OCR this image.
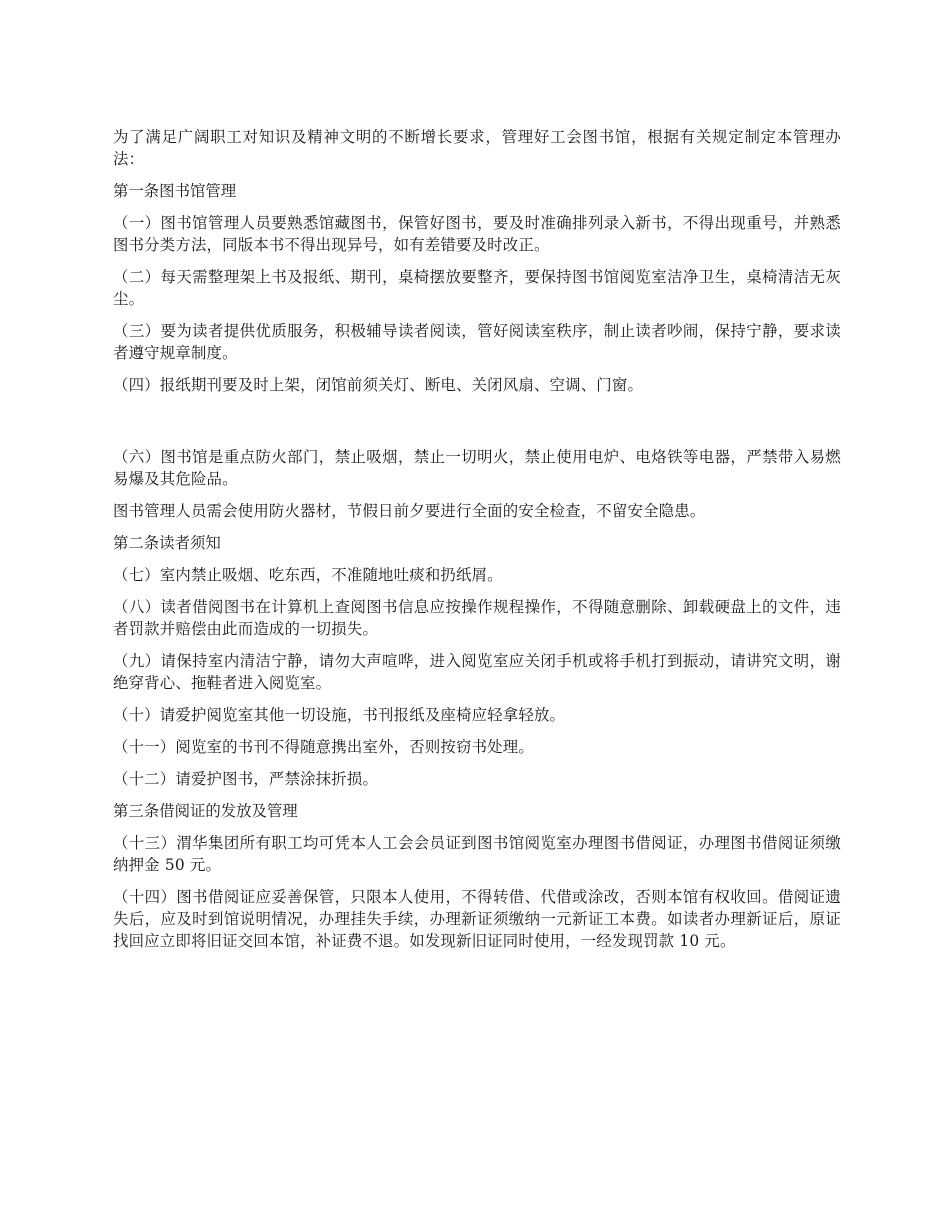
为了满足广阔职工对知识及精神文明的不断增长要求，管理好工会图书馆，根据有关规定制定本管理办法：

第一条图书馆管理

（一）图书馆管理人员要熟悉馆藏图书，保管好图书，要及时准确排列录入新书，不得出现重号，并熟悉图书分类方法，同版本书不得出现异号，如有差错要及时改正。

（二）每天需整理架上书及报纸、期刊，桌椅摆放要整齐，要保持图书馆阅览室洁净卫生，桌椅清洁无灰尘。

（三）要为读者提供优质服务，积极辅导读者阅读，管好阅读室秩序，制止读者吵闹，保持宁静，要求读者遵守规章制度。

（四）报纸期刊要及时上架，闭馆前须关灯、断电、关闭风扇、空调、门窗。

（六）图书馆是重点防火部门，禁止吸烟，禁止一切明火，禁止使用电炉、电烙铁等电器，严禁带入易燃易爆及其危险品。

图书管理人员需会使用防火器材，节假日前夕要进行全面的安全检查，不留安全隐患。

第二条读者须知

（七）室内禁止吸烟、吃东西，不准随地吐痰和扔纸屑。

（八）读者借阅图书在计算机上查阅图书信息应按操作规程操作，不得随意删除、卸载硬盘上的文件，违者罚款并赔偿由此而造成的一切损失。

（九）请保持室内清洁宁静，请勿大声喧哗，进入阅览室应关闭手机或将手机打到振动，请讲究文明，谢绝穿背心、拖鞋者进入阅览室。

（十）请爱护阅览室其他一切设施，书刊报纸及座椅应轻拿轻放。

（十一）阅览室的书刊不得随意携出室外，否则按窃书处理。

（十二）请爱护图书，严禁涂抹折损。

第三条借阅证的发放及管理

（十三）渭华集团所有职工均可凭本人工会会员证到图书馆阅览室办理图书借阅证，办理图书借阅证须缴纳押金 50 元。

（十四）图书借阅证应妥善保管，只限本人使用，不得转借、代借或涂改，否则本馆有权收回。借阅证遗失后，应及时到馆说明情况，办理挂失手续，办理新证须缴纳一元新证工本费。如读者办理新证后，原证找回应立即将旧证交回本馆，补证费不退。如发现新旧证同时使用，一经发现罚款 10 元。
